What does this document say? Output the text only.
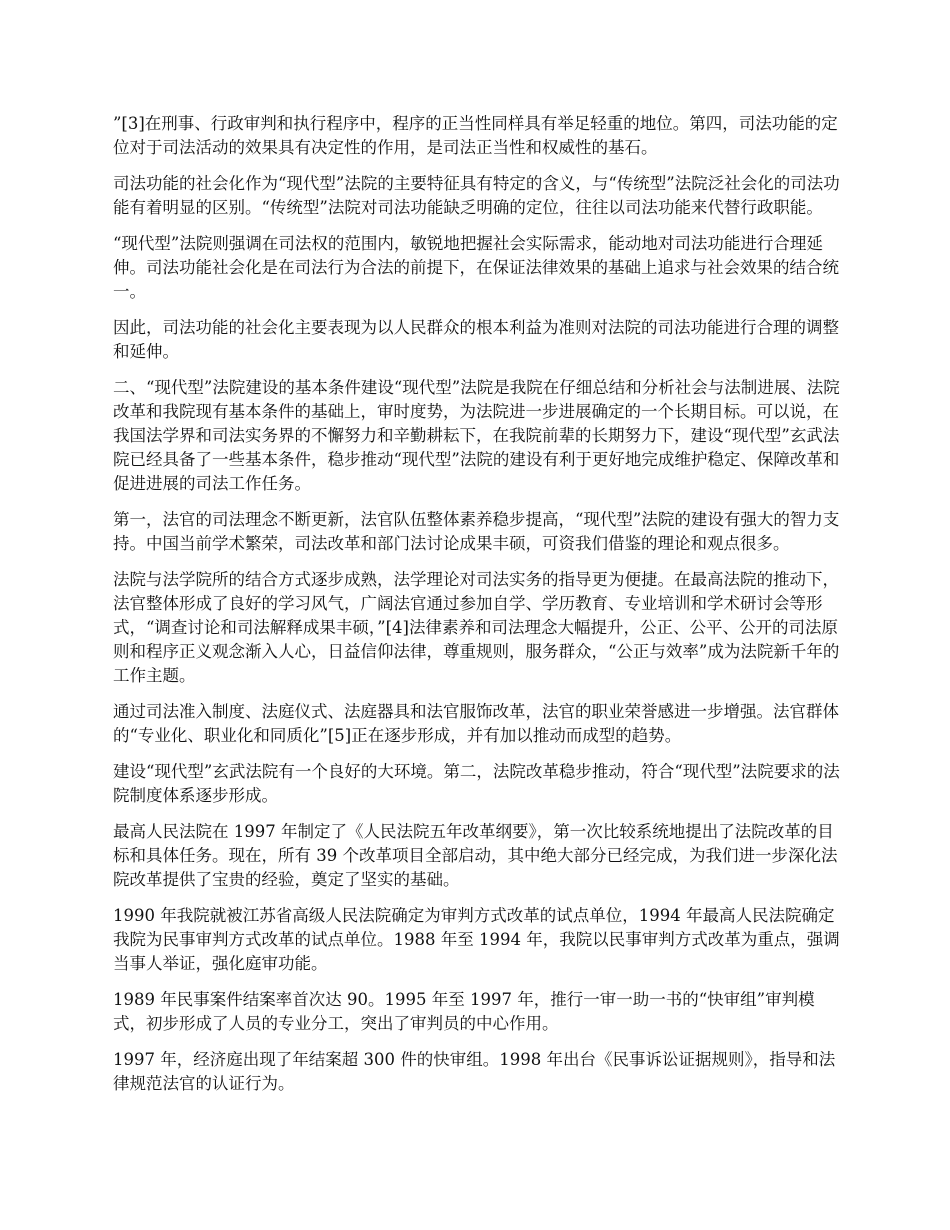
”[3]在刑事、行政审判和执行程序中，程序的正当性同样具有举足轻重的地位。第四，司法功能的定位对于司法活动的效果具有决定性的作用，是司法正当性和权威性的基石。

司法功能的社会化作为“现代型”法院的主要特征具有特定的含义，与“传统型”法院泛社会化的司法功能有着明显的区别。“传统型”法院对司法功能缺乏明确的定位，往往以司法功能来代替行政职能。

“现代型”法院则强调在司法权的范围内，敏锐地把握社会实际需求，能动地对司法功能进行合理延伸。司法功能社会化是在司法行为合法的前提下，在保证法律效果的基础上追求与社会效果的结合统一。

因此，司法功能的社会化主要表现为以人民群众的根本利益为准则对法院的司法功能进行合理的调整和延伸。

二、“现代型”法院建设的基本条件建设“现代型”法院是我院在仔细总结和分析社会与法制进展、法院改革和我院现有基本条件的基础上，审时度势，为法院进一步进展确定的一个长期目标。可以说，在我国法学界和司法实务界的不懈努力和辛勤耕耘下，在我院前辈的长期努力下，建设“现代型”玄武法院已经具备了一些基本条件，稳步推动“现代型”法院的建设有利于更好地完成维护稳定、保障改革和促进进展的司法工作任务。

第一，法官的司法理念不断更新，法官队伍整体素养稳步提高，“现代型”法院的建设有强大的智力支持。中国当前学术繁荣，司法改革和部门法讨论成果丰硕，可资我们借鉴的理论和观点很多。

法院与法学院所的结合方式逐步成熟，法学理论对司法实务的指导更为便捷。在最高法院的推动下，法官整体形成了良好的学习风气，广阔法官通过参加自学、学历教育、专业培训和学术研讨会等形式，“调查讨论和司法解释成果丰硕，”[4]法律素养和司法理念大幅提升，公正、公平、公开的司法原则和程序正义观念渐入人心，日益信仰法律，尊重规则，服务群众，“公正与效率”成为法院新千年的工作主题。

通过司法准入制度、法庭仪式、法庭器具和法官服饰改革，法官的职业荣誉感进一步增强。法官群体的“专业化、职业化和同质化”[5]正在逐步形成，并有加以推动而成型的趋势。

建设“现代型”玄武法院有一个良好的大环境。第二，法院改革稳步推动，符合“现代型”法院要求的法院制度体系逐步形成。

最高人民法院在 1997 年制定了《人民法院五年改革纲要》，第一次比较系统地提出了法院改革的目标和具体任务。现在，所有 39 个改革项目全部启动，其中绝大部分已经完成，为我们进一步深化法院改革提供了宝贵的经验，奠定了坚实的基础。

1990 年我院就被江苏省高级人民法院确定为审判方式改革的试点单位，1994 年最高人民法院确定我院为民事审判方式改革的试点单位。1988 年至 1994 年，我院以民事审判方式改革为重点，强调当事人举证，强化庭审功能。

1989 年民事案件结案率首次达 90。1995 年至 1997 年，推行一审一助一书的“快审组”审判模式，初步形成了人员的专业分工，突出了审判员的中心作用。

1997 年，经济庭出现了年结案超 300 件的快审组。1998 年出台《民事诉讼证据规则》，指导和法律规范法官的认证行为。
